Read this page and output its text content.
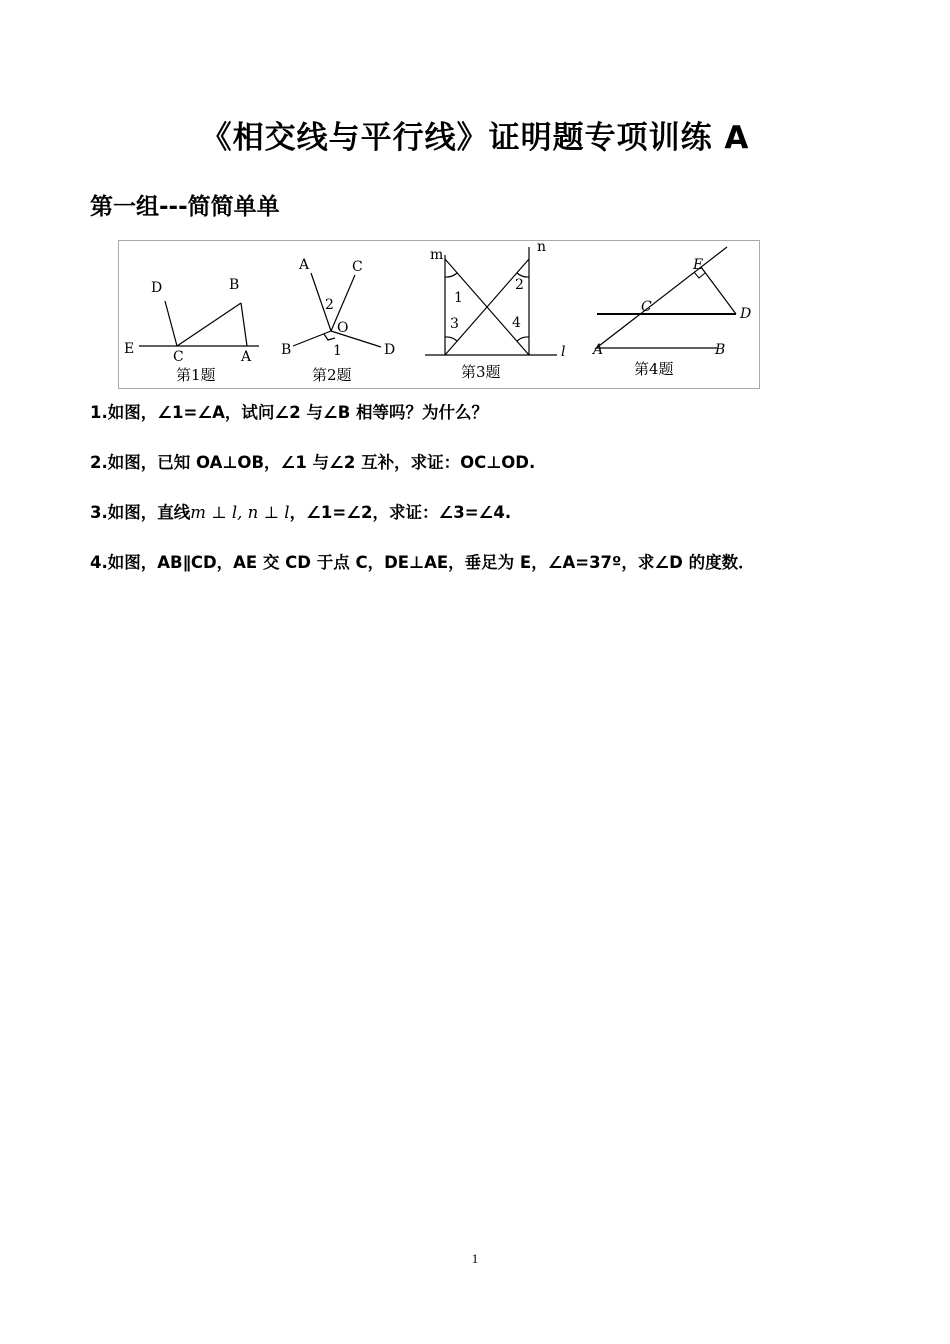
《相交线与平行线》证明题专项训练 A
第一组---简简单单
D	B
E	C	A
第1题
A	C
2
O
B	1	D
第2题
m	n
1
2
3	4
l
第3题
E
C	D
A	B
第4题
1.如图，∠1=∠A，试问∠2 与∠B 相等吗？为什么？
2.如图，已知 OA⊥OB，∠1 与∠2 互补，求证：OC⊥OD.
3.如图，直线m ⊥ l, n ⊥ l，∠1=∠2，求证：∠3=∠4.
4.如图，AB∥CD，AE 交 CD 于点 C，DE⊥AE，垂足为 E，∠A=37º，求∠D 的度数．
1
